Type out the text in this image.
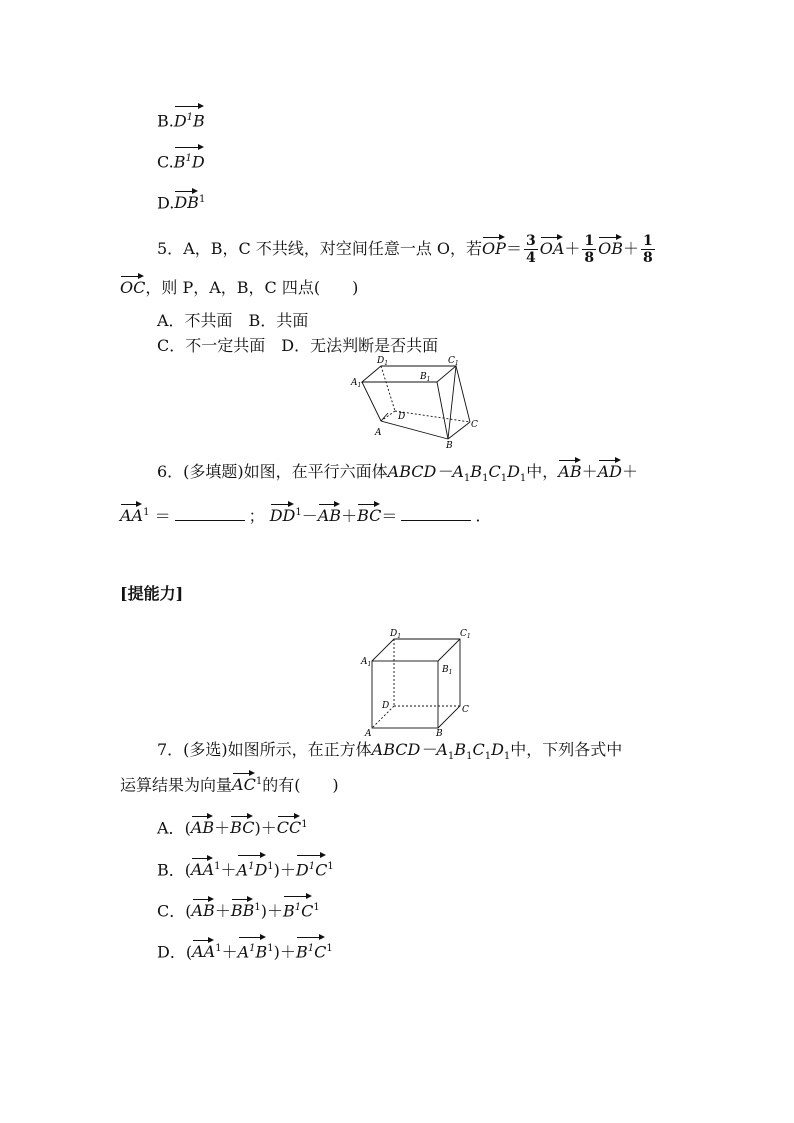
$B.D^1B$
$C.B^1D$
$D.DB^1$
5．A，B，C 不共线，对空间任意一点 O，若$OP= \frac{3}{4} OA+ \frac{1}{8} OB+ \frac{1}{8}$
OC，则 P，A，B，C 四点(　　)
A．不共面　B．共面
C．不一定共面　D．无法判断是否共面
$A_1$
$D_1$
$B_1$
$C_1$
D
A
B
C
6．(多填题)如图，在平行六面体$ABCD-A_1B_1C_1D_1$中，AB＋AD＋
$AA^1$ ＝	； $DD^1-AB+BC=$	.
[提能力]
$A_1$
$D_1$
$B_1$
$C_1$
D
A	B
C
7．(多选)如图所示，在正方体$ABCD-A_1B_1C_1D_1$中，下列各式中
运算结果为向量$AC^1$的有(　　)
A．$(AB+BC)+CC^1$
B．$(AA^1+A^1D^1)+D^1C^1$
C．$(AB+BB^1)+B^1C^1$
D．$(AA^1+A^1B^1)+B^1C^1$
